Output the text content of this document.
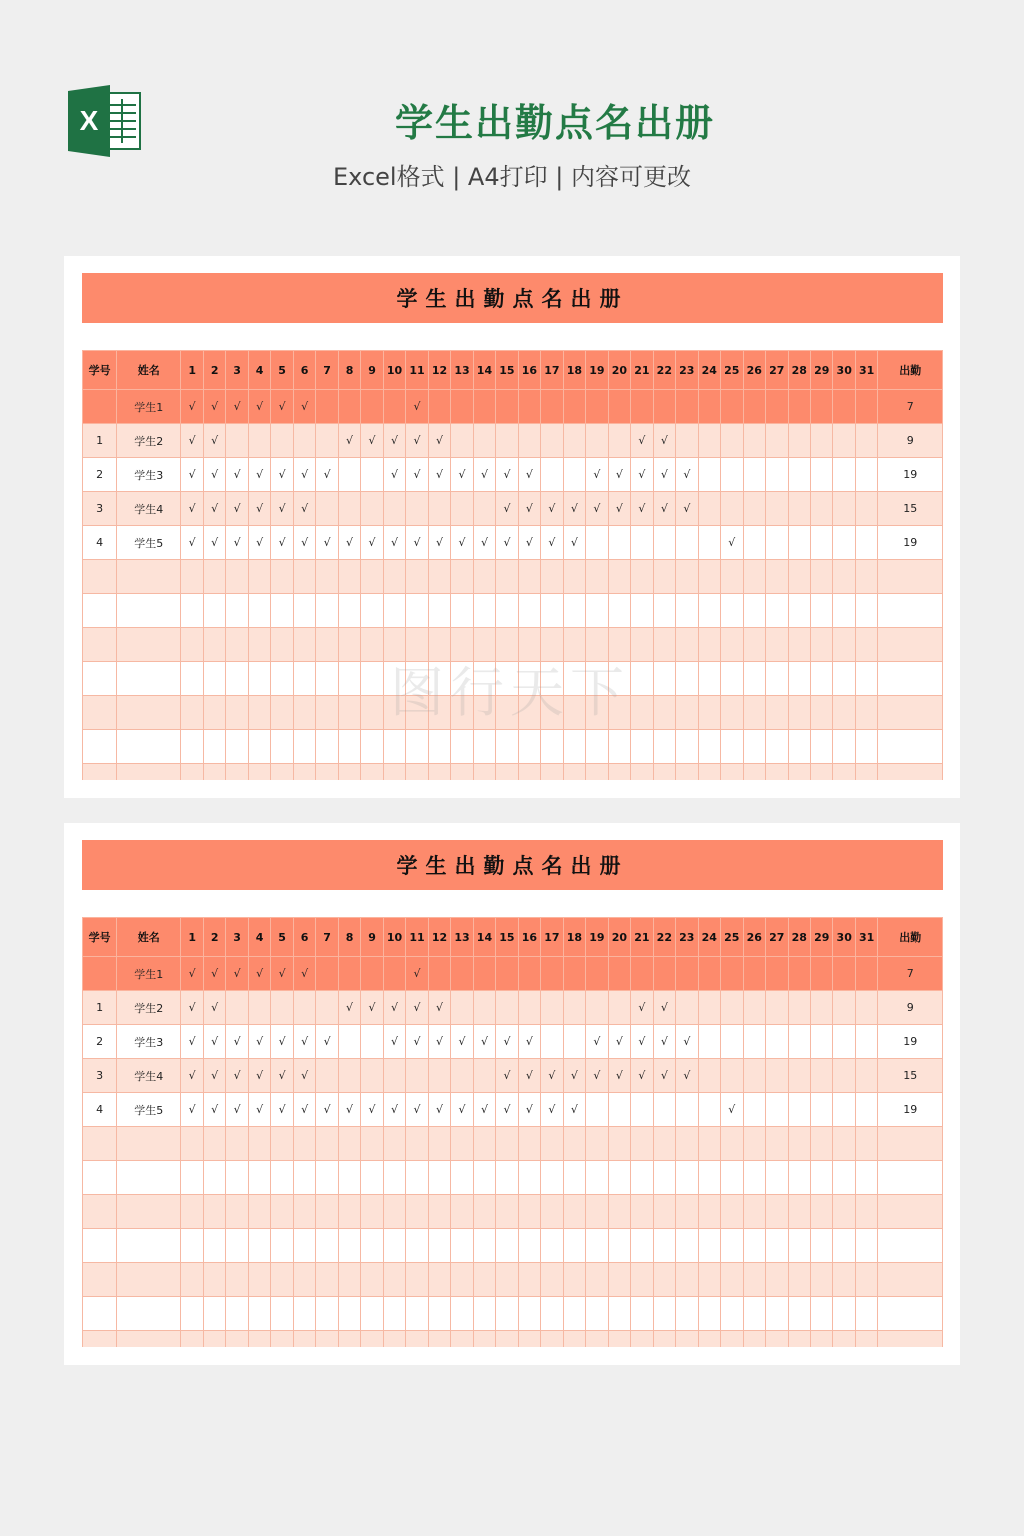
X	学生出勤点名出册
Excel格式 | A4打印 | 内容可更改
学生出勤点名出册
学号	姓名	1	2	3	4	5	6	7	8	9	10	11	12	13	14	15	16	17	18	19	20	21	22	23	24	25	26	27	28	29	30	31	出勤
	学生1	√	√	√	√	√	√					√																					7
1	学生2	√	√						√	√	√	√	√									√	√										9
2	学生3	√	√	√	√	√	√	√			√	√	√	√	√	√	√			√	√	√	√	√									19
3	学生4	√	√	√	√	√	√									√	√	√	√	√	√	√	√	√									15
4	学生5	√	√	√	√	√	√	√	√	√	√	√	√	√	√	√	√	√	√							√							19

学生出勤点名出册
学号	姓名	1	2	3	4	5	6	7	8	9	10	11	12	13	14	15	16	17	18	19	20	21	22	23	24	25	26	27	28	29	30	31	出勤
	学生1	√	√	√	√	√	√					√																					7
1	学生2	√	√						√	√	√	√	√									√	√										9
2	学生3	√	√	√	√	√	√	√			√	√	√	√	√	√	√			√	√	√	√	√									19
3	学生4	√	√	√	√	√	√									√	√	√	√	√	√	√	√	√									15
4	学生5	√	√	√	√	√	√	√	√	√	√	√	√	√	√	√	√	√	√							√							19

图行天下
